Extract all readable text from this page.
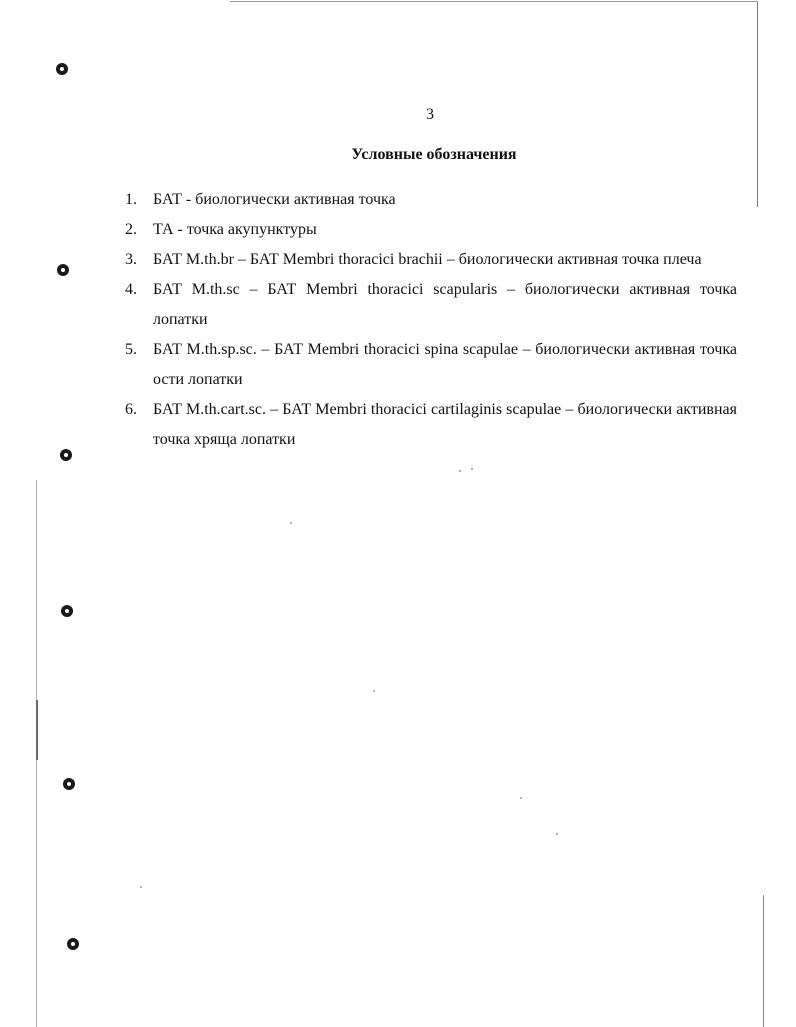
3
Условные обозначения
1.	БАТ - биологически активная точка
2.	ТА - точка акупунктуры
3.	БАТ M.th.br – БАТ Membri thoracici brachii – биологически активная точка плеча
4.	БАТ M.th.sc – БАТ Membri thoracici scapularis – биологически активная точка лопатки
5.	БАТ M.th.sp.sc. – БАТ Membri thoracici spina scapulae – биологически активная точка ости лопатки
6.	БАТ M.th.cart.sc. – БАТ Membri thoracici cartilaginis scapulae – биологически активная точка хряща лопатки
